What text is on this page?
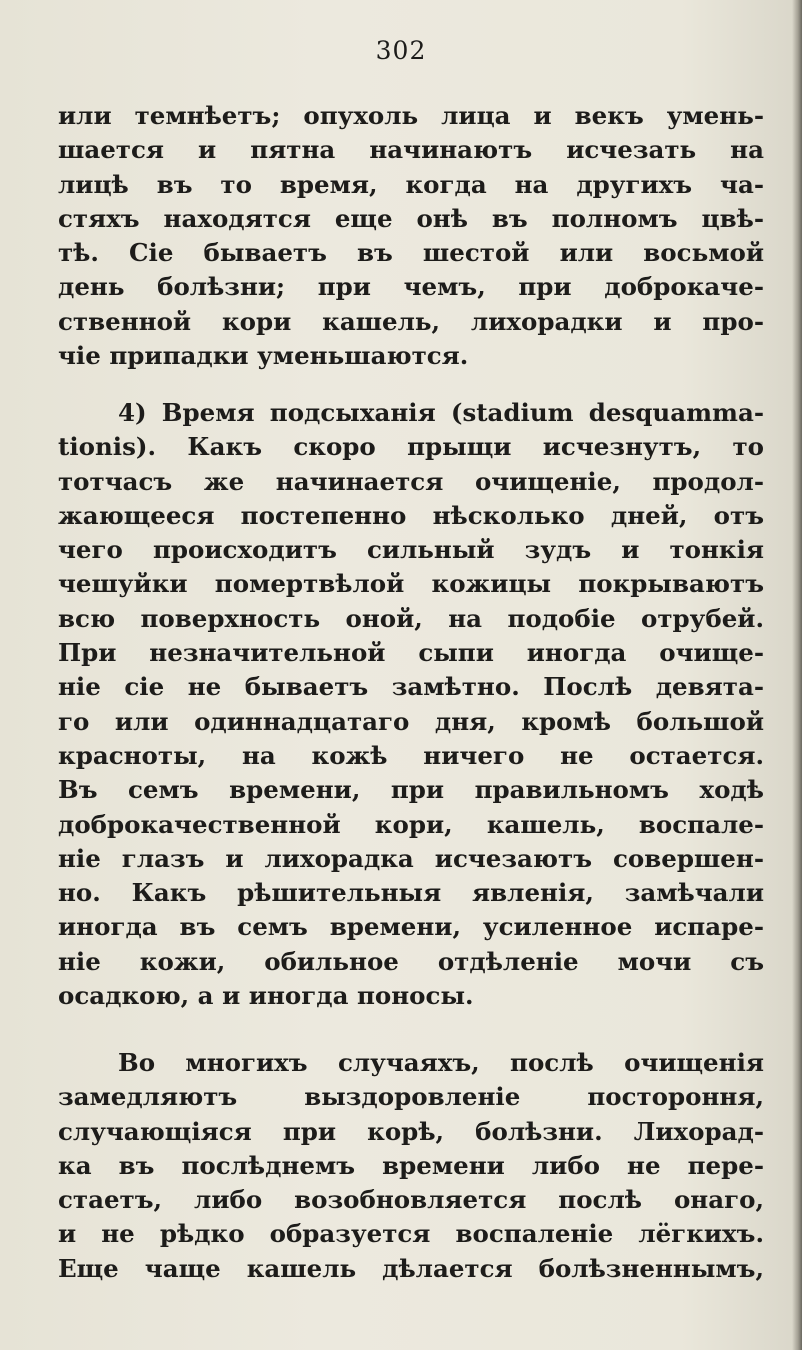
302
или темнѣетъ; опухоль лица и векъ умень-
шается и пятна начинаютъ исчезать на
лицѣ въ то время, когда на другихъ ча-
стяхъ находятся еще онѣ въ полномъ цвѣ-
тѣ. Сіе бываетъ въ шестой или восьмой
день болѣзни; при чемъ, при доброкаче-
ственной кори кашель, лихорадки и про-
чіе припадки уменьшаются.
4) Время подсыханія (stadium desquamma-
tionis). Какъ скоро прыщи исчезнутъ, то
тотчасъ же начинается очищеніе, продол-
жающееся постепенно нѣсколько дней, отъ
чего происходитъ сильный зудъ и тонкія
чешуйки помертвѣлой кожицы покрываютъ
всю поверхность оной, на подобіе отрубей.
При незначительной сыпи иногда очище-
ніе сіе не бываетъ замѣтно. Послѣ девята-
го или одиннадцатаго дня, кромѣ большой
красноты, на кожѣ ничего не остается.
Въ семъ времени, при правильномъ ходѣ
доброкачественной кори, кашель, воспале-
ніе глазъ и лихорадка исчезаютъ совершен-
но. Какъ рѣшительныя явленія, замѣчали
иногда въ семъ времени, усиленное испаре-
ніе кожи, обильное отдѣленіе мочи съ
осадкою, а и иногда поносы.
Во многихъ случаяхъ, послѣ очищенія
замедляютъ выздоровленіе постороння,
случающіяся при корѣ, болѣзни. Лихорад-
ка въ послѣднемъ времени либо не пере-
стаетъ, либо возобновляется послѣ онаго,
и не рѣдко образуется воспаленіе лёгкихъ.
Еще чаще кашель дѣлается болѣзненнымъ,
